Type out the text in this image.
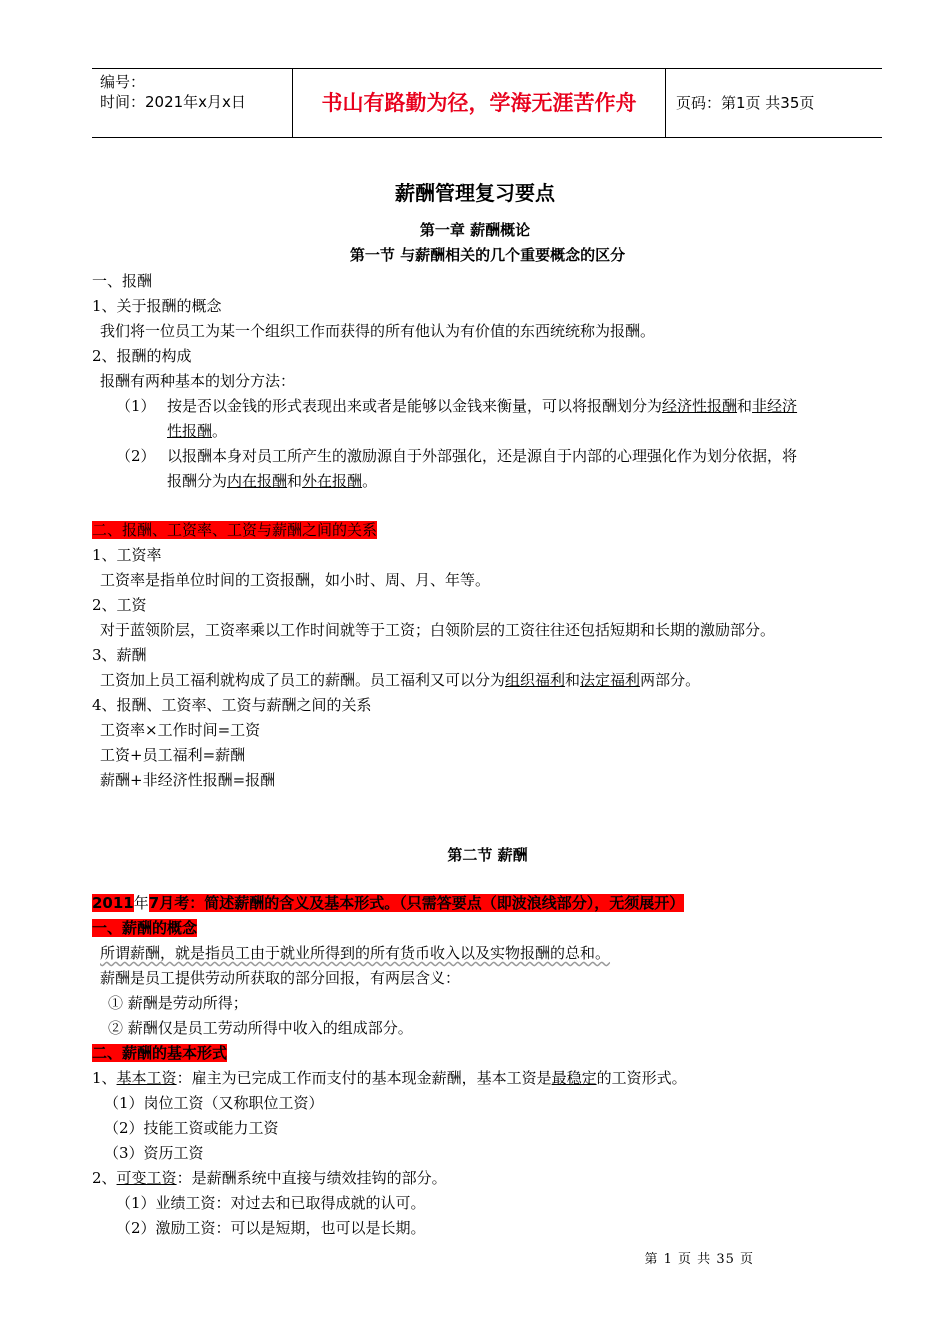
编号：
时间：2021年x月x日	书山有路勤为径，学海无涯苦作舟	页码：第1页 共35页
薪酬管理复习要点
第一章 薪酬概论
第一节 与薪酬相关的几个重要概念的区分
一、报酬
1、关于报酬的概念
我们将一位员工为某一个组织工作而获得的所有他认为有价值的东西统统称为报酬。
2、报酬的构成
报酬有两种基本的划分方法：
（1） 按是否以金钱的形式表现出来或者是能够以金钱来衡量，可以将报酬划分为经济性报酬和非经济
性报酬。
（2） 以报酬本身对员工所产生的激励源自于外部强化，还是源自于内部的心理强化作为划分依据，将
报酬分为内在报酬和外在报酬。
二、报酬、工资率、工资与薪酬之间的关系
1、工资率
工资率是指单位时间的工资报酬，如小时、周、月、年等。
2、工资
对于蓝领阶层，工资率乘以工作时间就等于工资；白领阶层的工资往往还包括短期和长期的激励部分。
3、薪酬
工资加上员工福利就构成了员工的薪酬。员工福利又可以分为组织福利和法定福利两部分。
4、报酬、工资率、工资与薪酬之间的关系
工资率×工作时间=工资
工资+员工福利=薪酬
薪酬+非经济性报酬=报酬
第二节 薪酬
2011年7月考：简述薪酬的含义及基本形式。（只需答要点（即波浪线部分），无须展开）
一、薪酬的概念
所谓薪酬，就是指员工由于就业所得到的所有货币收入以及实物报酬的总和。
薪酬是员工提供劳动所获取的部分回报，有两层含义：
① 薪酬是劳动所得；
② 薪酬仅是员工劳动所得中收入的组成部分。
二、薪酬的基本形式
1、基本工资：雇主为已完成工作而支付的基本现金薪酬，基本工资是最稳定的工资形式。
（1）岗位工资（又称职位工资）
（2）技能工资或能力工资
（3）资历工资
2、可变工资：是薪酬系统中直接与绩效挂钩的部分。
（1）业绩工资：对过去和已取得成就的认可。
（2）激励工资：可以是短期，也可以是长期。
第 1 页 共 35 页
